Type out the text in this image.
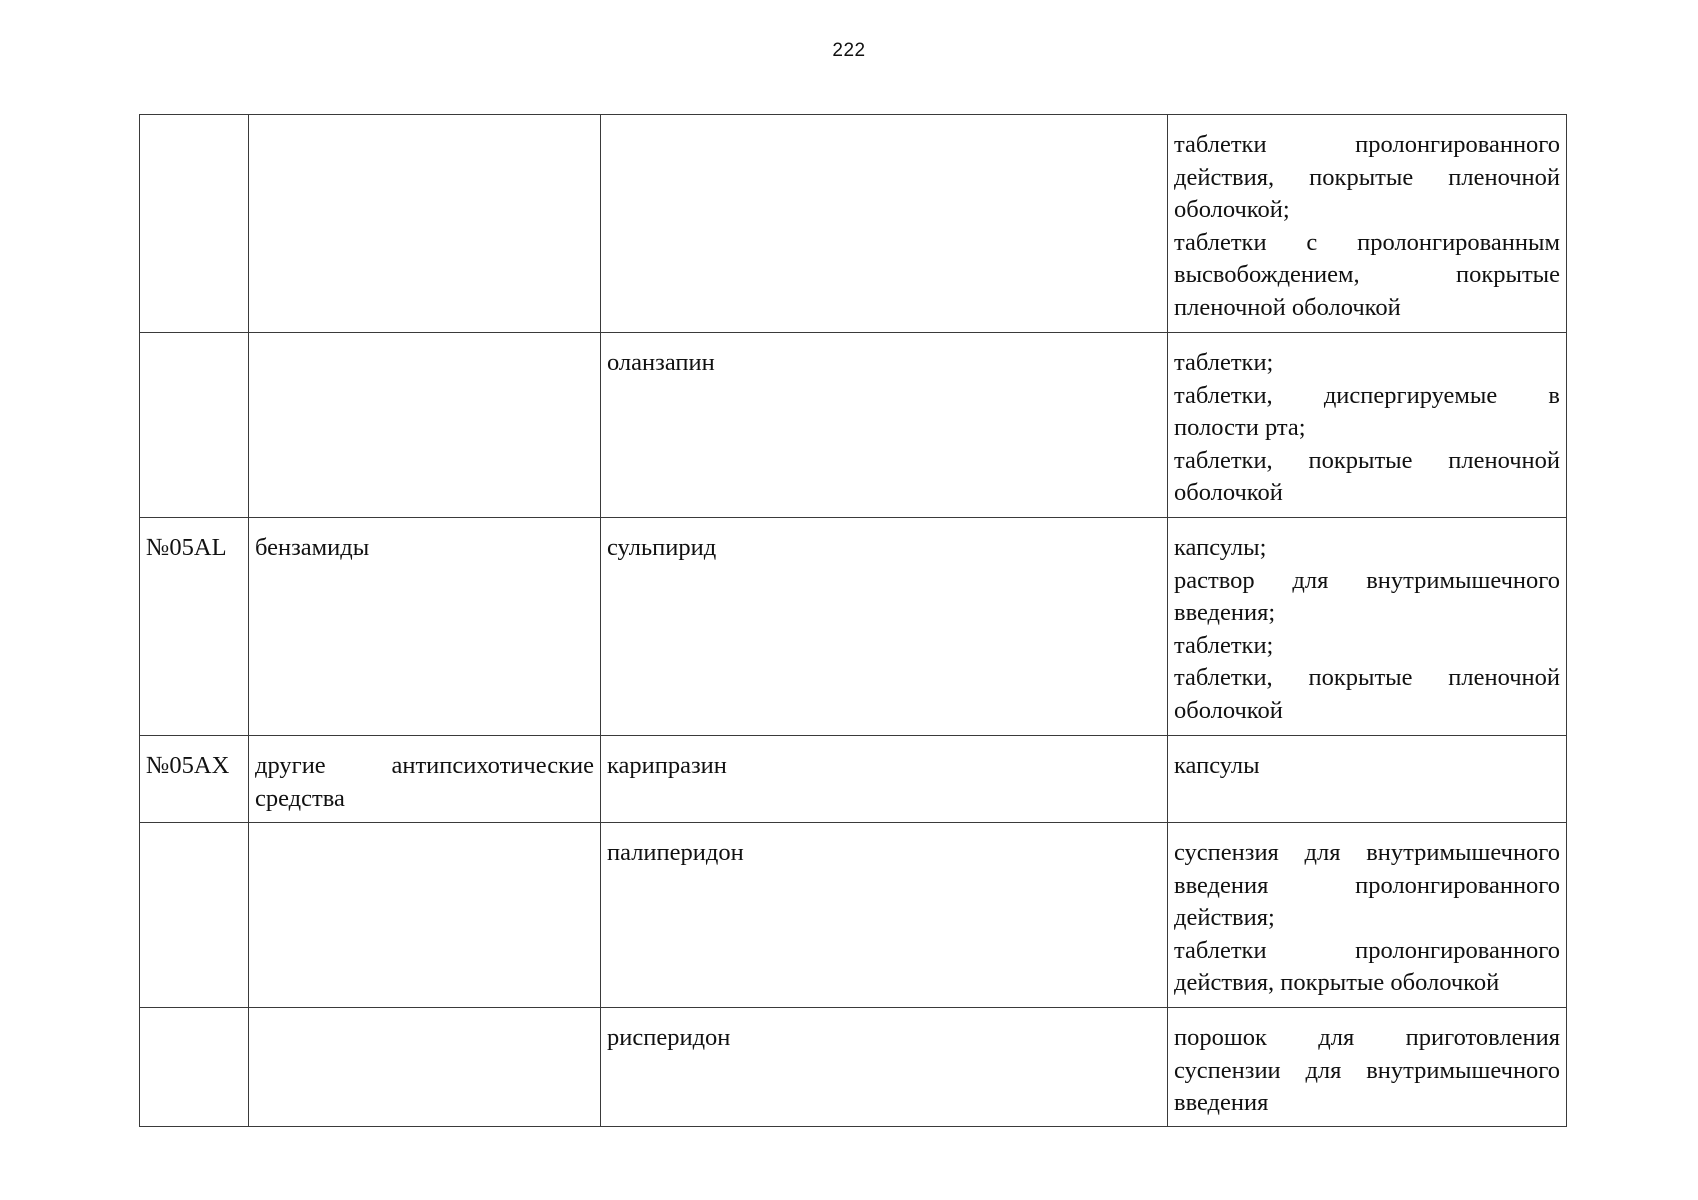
222

			таблетки пролонгированного действия, покрытые пленочной оболочкой;
таблетки с пролонгированным высвобождением, покрытые пленочной оболочкой

		оланзапин	таблетки;
таблетки, диспергируемые в полости рта;
таблетки, покрытые пленочной оболочкой

№05AL	бензамиды	сульпирид	капсулы;
раствор для внутримышечного введения;
таблетки;
таблетки, покрытые пленочной оболочкой

№05AX	другие антипсихотические средства	карипразин	капсулы

		палиперидон	суспензия для внутримышечного введения пролонгированного действия;
таблетки пролонгированного действия, покрытые оболочкой

		рисперидон	порошок для приготовления суспензии для внутримышечного введения
